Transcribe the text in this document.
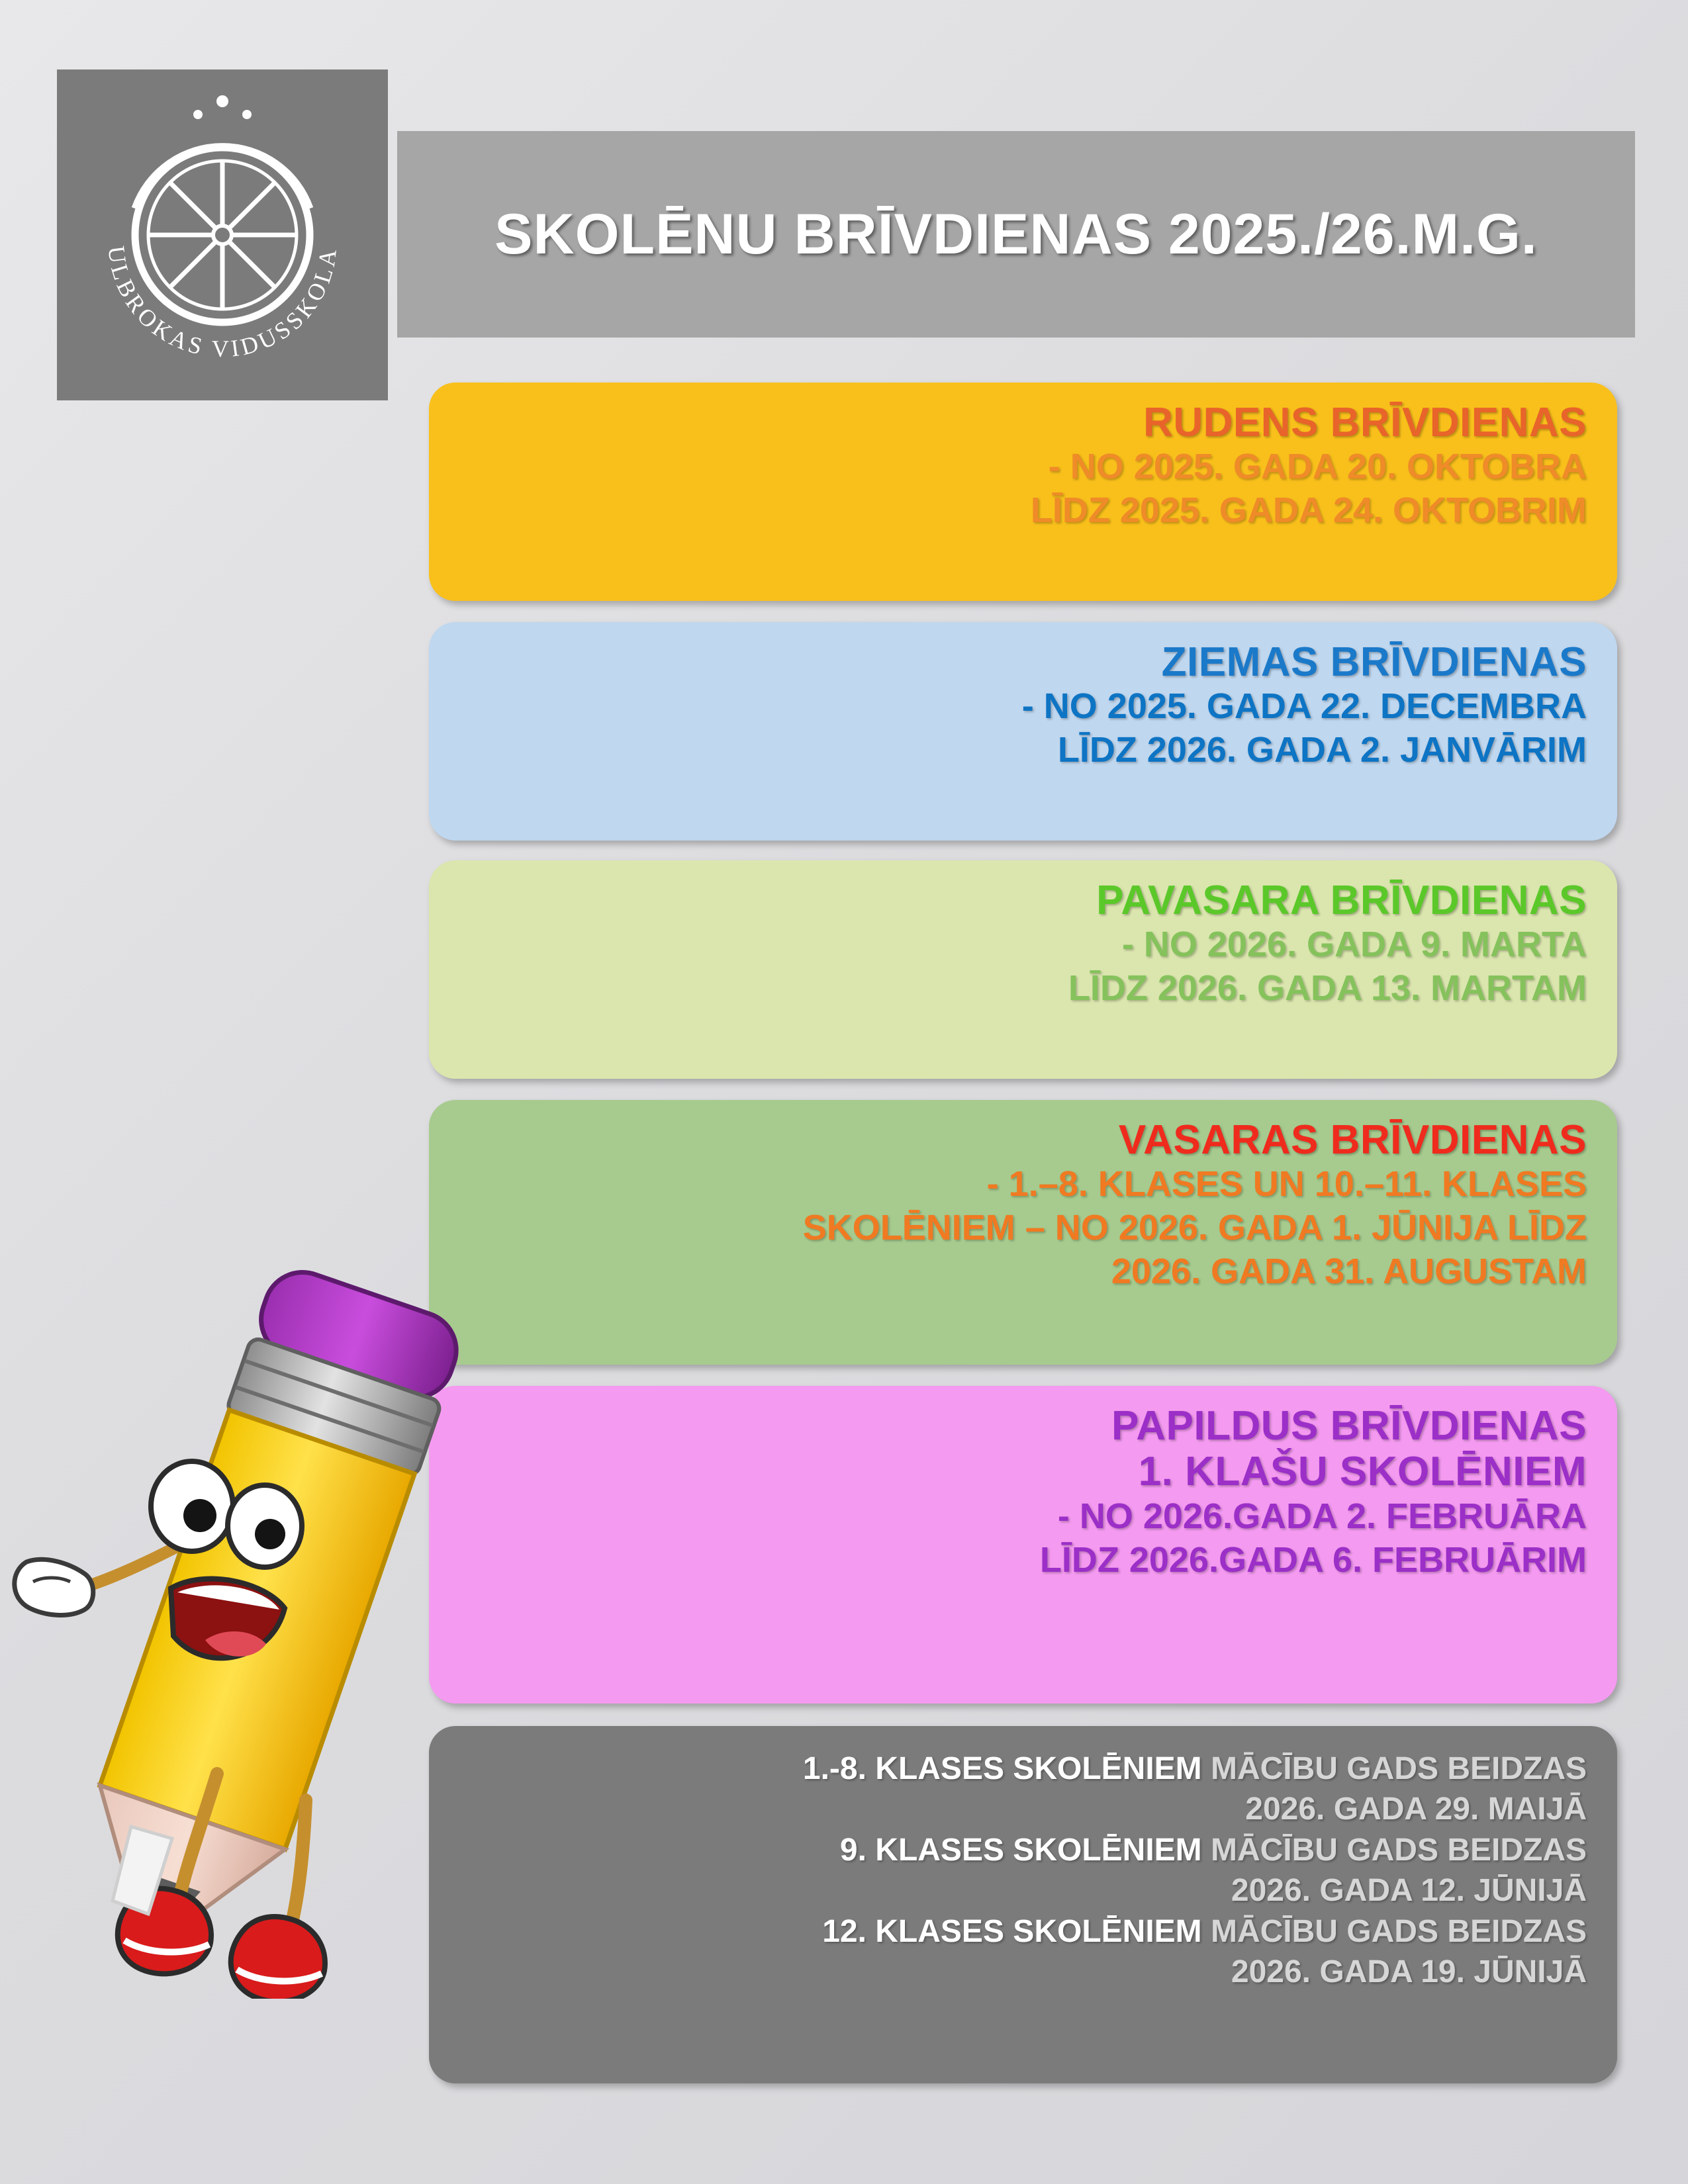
ULBROKAS VIDUSSKOLA	SKOLĒNU BRĪVDIENAS 2025./26.M.G.
RUDENS BRĪVDIENAS

- NO 2025. GADA 20. OKTOBRA

LĪDZ 2025. GADA 24. OKTOBRIM

ZIEMAS BRĪVDIENAS

- NO 2025. GADA 22. DECEMBRA

LĪDZ 2026. GADA 2. JANVĀRIM

PAVASARA BRĪVDIENAS

- NO 2026. GADA 9. MARTA

LĪDZ 2026. GADA 13. MARTAM

VASARAS BRĪVDIENAS

- 1.–8. KLASES UN 10.–11. KLASES

SKOLĒNIEM – NO 2026. GADA 1. JŪNIJA LĪDZ

2026. GADA 31. AUGUSTAM

PAPILDUS BRĪVDIENAS
1. KLAŠU SKOLĒNIEM

- NO 2026.GADA 2. FEBRUĀRA

LĪDZ 2026.GADA 6. FEBRUĀRIM

1.-8. KLASES SKOLĒNIEM MĀCĪBU GADS BEIDZAS

2026. GADA 29. MAIJĀ

9. KLASES SKOLĒNIEM MĀCĪBU GADS BEIDZAS

2026. GADA 12. JŪNIJĀ

12. KLASES SKOLĒNIEM MĀCĪBU GADS BEIDZAS

2026. GADA 19. JŪNIJĀ
